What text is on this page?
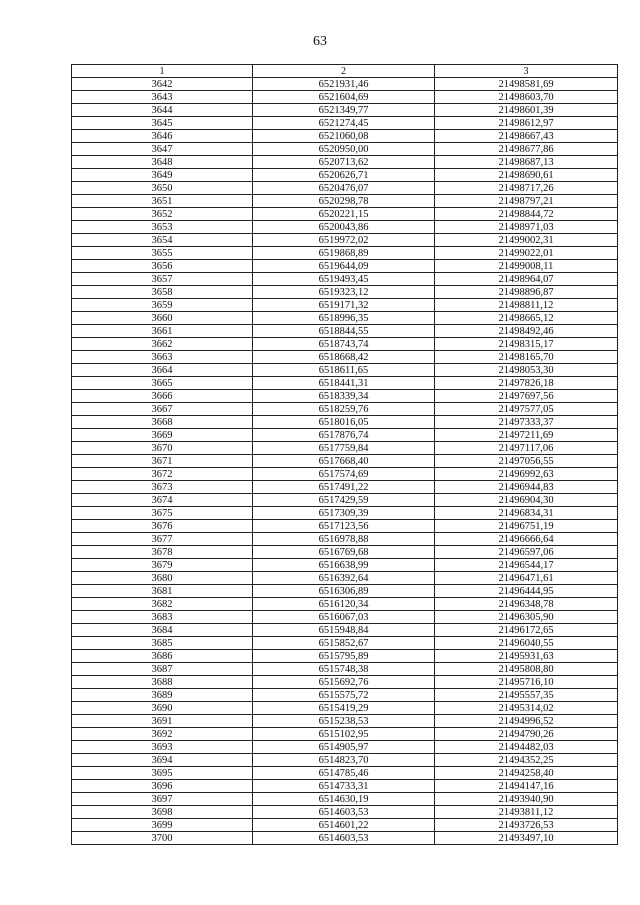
63
1	2	3
3642	6521931,46	21498581,69
3643	6521604,69	21498603,70
3644	6521349,77	21498601,39
3645	6521274,45	21498612,97
3646	6521060,08	21498667,43
3647	6520950,00	21498677,86
3648	6520713,62	21498687,13
3649	6520626,71	21498690,61
3650	6520476,07	21498717,26
3651	6520298,78	21498797,21
3652	6520221,15	21498844,72
3653	6520043,86	21498971,03
3654	6519972,02	21499002,31
3655	6519868,89	21499022,01
3656	6519644,09	21499008,11
3657	6519493,45	21498964,07
3658	6519323,12	21498896,87
3659	6519171,32	21498811,12
3660	6518996,35	21498665,12
3661	6518844,55	21498492,46
3662	6518743,74	21498315,17
3663	6518668,42	21498165,70
3664	6518611,65	21498053,30
3665	6518441,31	21497826,18
3666	6518339,34	21497697,56
3667	6518259,76	21497577,05
3668	6518016,05	21497333,37
3669	6517876,74	21497211,69
3670	6517759,84	21497117,06
3671	6517668,40	21497056,55
3672	6517574,69	21496992,63
3673	6517491,22	21496944,83
3674	6517429,59	21496904,30
3675	6517309,39	21496834,31
3676	6517123,56	21496751,19
3677	6516978,88	21496666,64
3678	6516769,68	21496597,06
3679	6516638,99	21496544,17
3680	6516392,64	21496471,61
3681	6516306,89	21496444,95
3682	6516120,34	21496348,78
3683	6516067,03	21496305,90
3684	6515948,84	21496172,65
3685	6515852,67	21496040,55
3686	6515795,89	21495931,63
3687	6515748,38	21495808,80
3688	6515692,76	21495716,10
3689	6515575,72	21495557,35
3690	6515419,29	21495314,02
3691	6515238,53	21494996,52
3692	6515102,95	21494790,26
3693	6514905,97	21494482,03
3694	6514823,70	21494352,25
3695	6514785,46	21494258,40
3696	6514733,31	21494147,16
3697	6514630,19	21493940,90
3698	6514603,53	21493811,12
3699	6514601,22	21493726,53
3700	6514603,53	21493497,10
